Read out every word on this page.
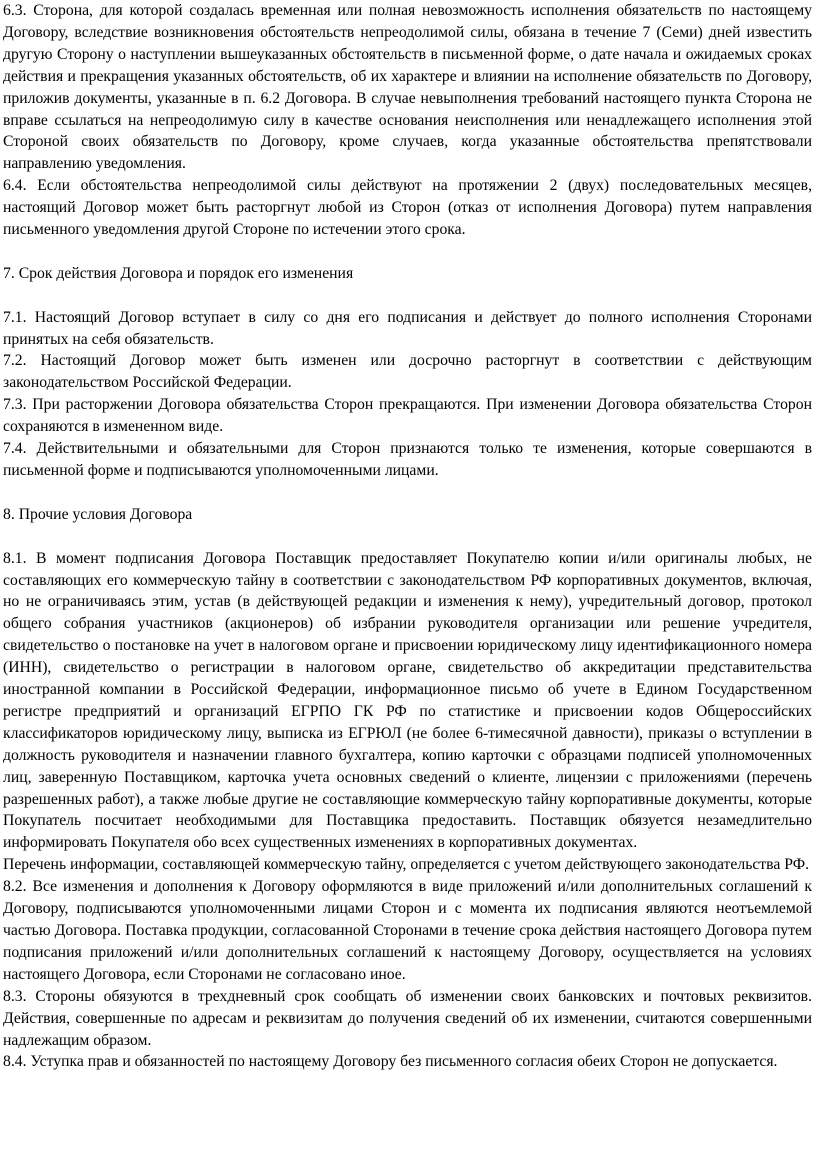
6.3. Сторона, для которой создалась временная или полная невозможность исполнения обязательств по настоящему Договору, вследствие возникновения обстоятельств непреодолимой силы, обязана в течение 7 (Семи) дней известить другую Сторону о наступлении вышеуказанных обстоятельств в письменной форме, о дате начала и ожидаемых сроках действия и прекращения указанных обстоятельств, об их характере и влиянии на исполнение обязательств по Договору, приложив документы, указанные в п. 6.2 Договора. В случае невыполнения требований настоящего пункта Сторона не вправе ссылаться на непреодолимую силу в качестве основания неисполнения или ненадлежащего исполнения этой Стороной своих обязательств по Договору, кроме случаев, когда указанные обстоятельства препятствовали направлению уведомления.

6.4. Если обстоятельства непреодолимой силы действуют на протяжении 2 (двух) последовательных месяцев, настоящий Договор может быть расторгнут любой из Сторон (отказ от исполнения Договора) путем направления письменного уведомления другой Стороне по истечении этого срока.

7. Срок действия Договора и порядок его изменения

7.1. Настоящий Договор вступает в силу со дня его подписания и действует до полного исполнения Сторонами принятых на себя обязательств.

7.2. Настоящий Договор может быть изменен или досрочно расторгнут в соответствии с действующим законодательством Российской Федерации.

7.3. При расторжении Договора обязательства Сторон прекращаются. При изменении Договора обязательства Сторон сохраняются в измененном виде.

7.4. Действительными и обязательными для Сторон признаются только те изменения, которые совершаются в письменной форме и подписываются уполномоченными лицами.

8. Прочие условия Договора

8.1. В момент подписания Договора Поставщик предоставляет Покупателю копии и/или оригиналы любых, не составляющих его коммерческую тайну в соответствии с законодательством РФ корпоративных документов, включая, но не ограничиваясь этим, устав (в действующей редакции и изменения к нему), учредительный договор, протокол общего собрания участников (акционеров) об избрании руководителя организации или решение учредителя, свидетельство о постановке на учет в налоговом органе и присвоении юридическому лицу идентификационного номера (ИНН), свидетельство о регистрации в налоговом органе, свидетельство об аккредитации представительства иностранной компании в Российской Федерации, информационное письмо об учете в Едином Государственном регистре предприятий и организаций ЕГРПО ГК РФ по статистике и присвоении кодов Общероссийских классификаторов юридическому лицу, выписка из ЕГРЮЛ (не более 6-тимесячной давности), приказы о вступлении в должность руководителя и назначении главного бухгалтера, копию карточки с образцами подписей уполномоченных лиц, заверенную Поставщиком, карточка учета основных сведений о клиенте, лицензии с приложениями (перечень разрешенных работ), а также любые другие не составляющие коммерческую тайну корпоративные документы, которые Покупатель посчитает необходимыми для Поставщика предоставить. Поставщик обязуется незамедлительно информировать Покупателя обо всех существенных изменениях в корпоративных документах.

Перечень информации, составляющей коммерческую тайну, определяется с учетом действующего законодательства РФ.

8.2. Все изменения и дополнения к Договору оформляются в виде приложений и/или дополнительных соглашений к Договору, подписываются уполномоченными лицами Сторон и с момента их подписания являются неотъемлемой частью Договора. Поставка продукции, согласованной Сторонами в течение срока действия настоящего Договора путем подписания приложений и/или дополнительных соглашений к настоящему Договору, осуществляется на условиях настоящего Договора, если Сторонами не согласовано иное.

8.3. Стороны обязуются в трехдневный срок сообщать об изменении своих банковских и почтовых реквизитов. Действия, совершенные по адресам и реквизитам до получения сведений об их изменении, считаются совершенными надлежащим образом.

8.4. Уступка прав и обязанностей по настоящему Договору без письменного согласия обеих Сторон не допускается.
